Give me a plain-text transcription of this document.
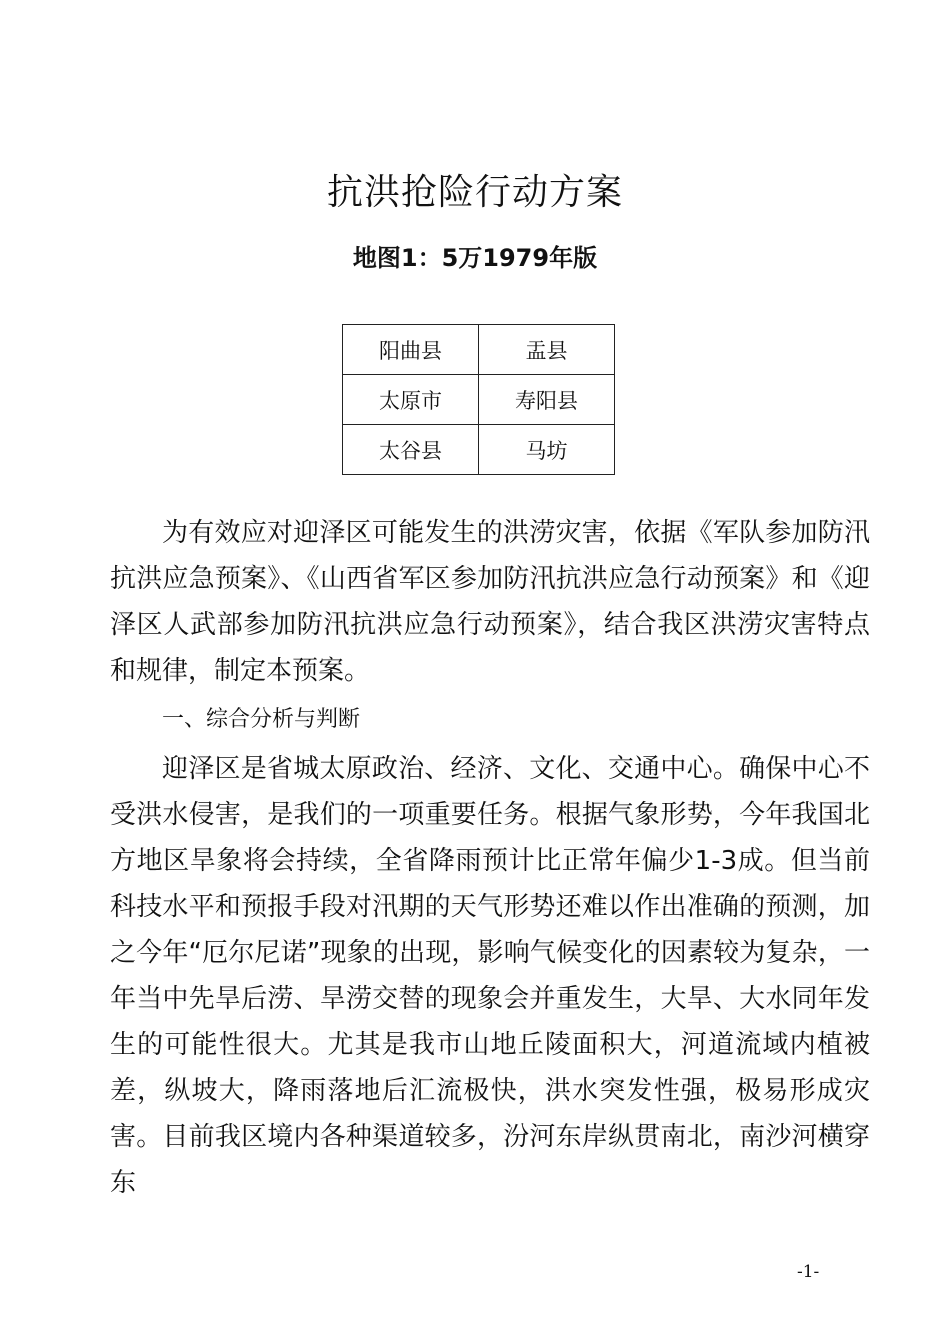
抗洪抢险行动方案
地图1：5万1979年版
阳曲县	盂县
太原市	寿阳县
太谷县	马坊

为有效应对迎泽区可能发生的洪涝灾害，依据《军队参加防汛抗洪应急预案》、《山西省军区参加防汛抗洪应急行动预案》和《迎泽区人武部参加防汛抗洪应急行动预案》，结合我区洪涝灾害特点和规律，制定本预案。

一、综合分析与判断

迎泽区是省城太原政治、经济、文化、交通中心。确保中心不受洪水侵害，是我们的一项重要任务。根据气象形势，今年我国北方地区旱象将会持续，全省降雨预计比正常年偏少1-3成。但当前科技水平和预报手段对汛期的天气形势还难以作出准确的预测，加之今年“厄尔尼诺”现象的出现，影响气候变化的因素较为复杂，一年当中先旱后涝、旱涝交替的现象会并重发生，大旱、大水同年发生的可能性很大。尤其是我市山地丘陵面积大，河道流域内植被差，纵坡大，降雨落地后汇流极快，洪水突发性强，极易形成灾害。目前我区境内各种渠道较多，汾河东岸纵贯南北，南沙河横穿东

-1-
